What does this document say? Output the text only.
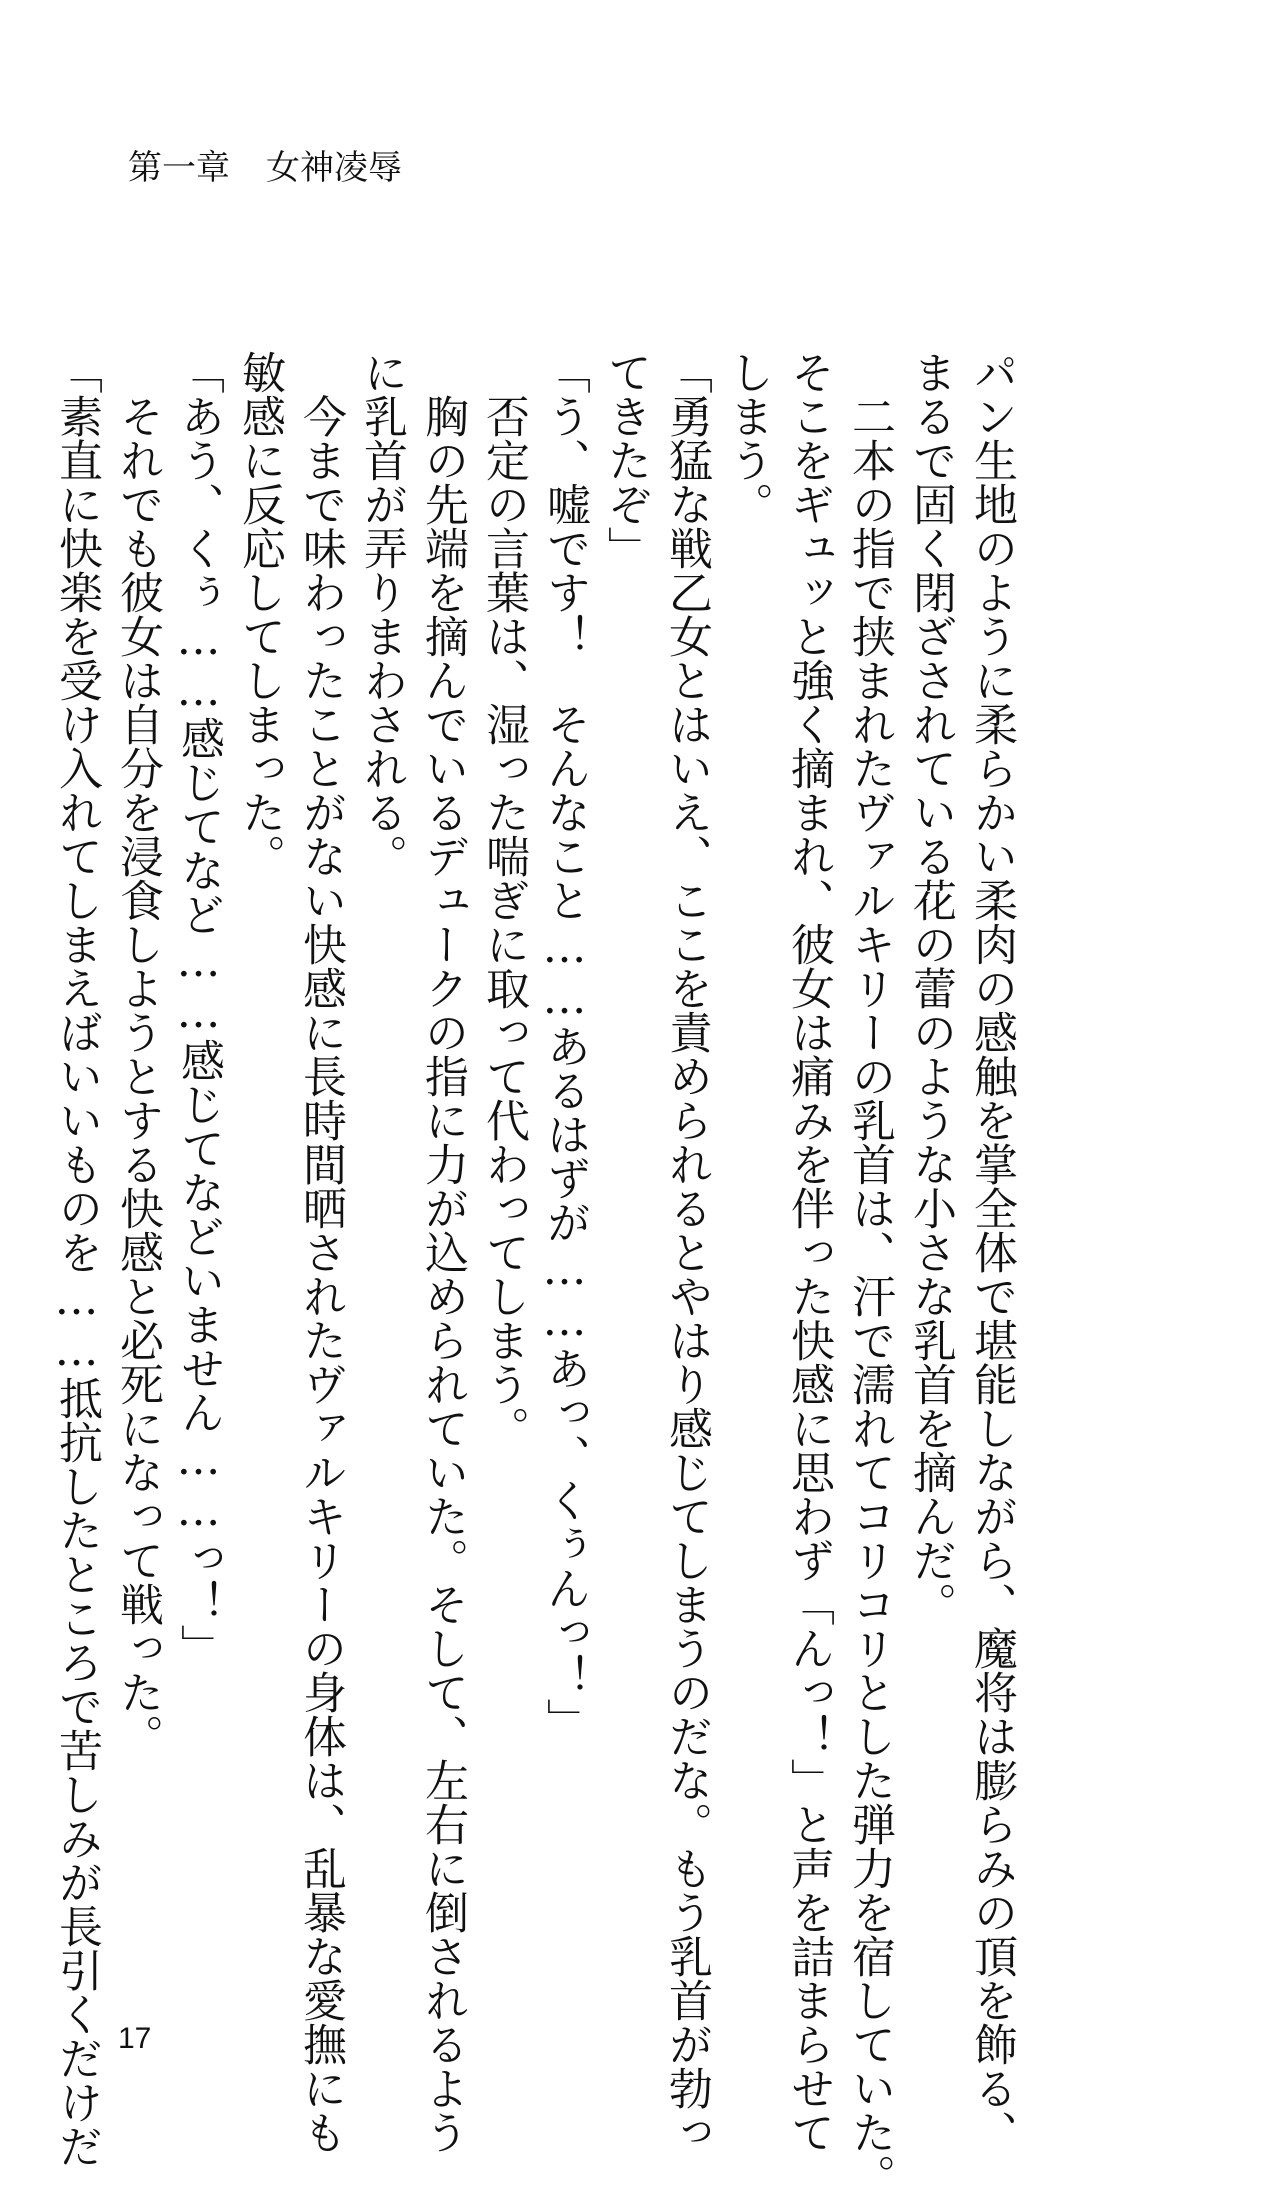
第一章 女神凌辱
パン生地のように柔らかい柔肉の感触を掌全体で堪能しながら、魔将は膨らみの頂を飾る、
まるで固く閉ざされている花の蕾のような小さな乳首を摘んだ。
　二本の指で挟まれたヴァルキリーの乳首は、汗で濡れてコリコリとした弾力を宿していた。
そこをギュッと強く摘まれ、彼女は痛みを伴った快感に思わず「んっ！」と声を詰まらせて
しまう。
「勇猛な戦乙女とはいえ、ここを責められるとやはり感じてしまうのだな。もう乳首が勃っ
てきたぞ」
「う、嘘です！　そんなこと……あるはずが……あっ、くぅんっ！」
　否定の言葉は、湿った喘ぎに取って代わってしまう。
　胸の先端を摘んでいるデュークの指に力が込められていた。そして、左右に倒されるよう
に乳首が弄りまわされる。
　今まで味わったことがない快感に長時間晒されたヴァルキリーの身体は、乱暴な愛撫にも
敏感に反応してしまった。
「あう、くぅ……感じてなど……感じてなどいません……っ！」
　それでも彼女は自分を浸食しようとする快感と必死になって戦った。
「素直に快楽を受け入れてしまえばいいものを……抵抗したところで苦しみが長引くだけだ 17
